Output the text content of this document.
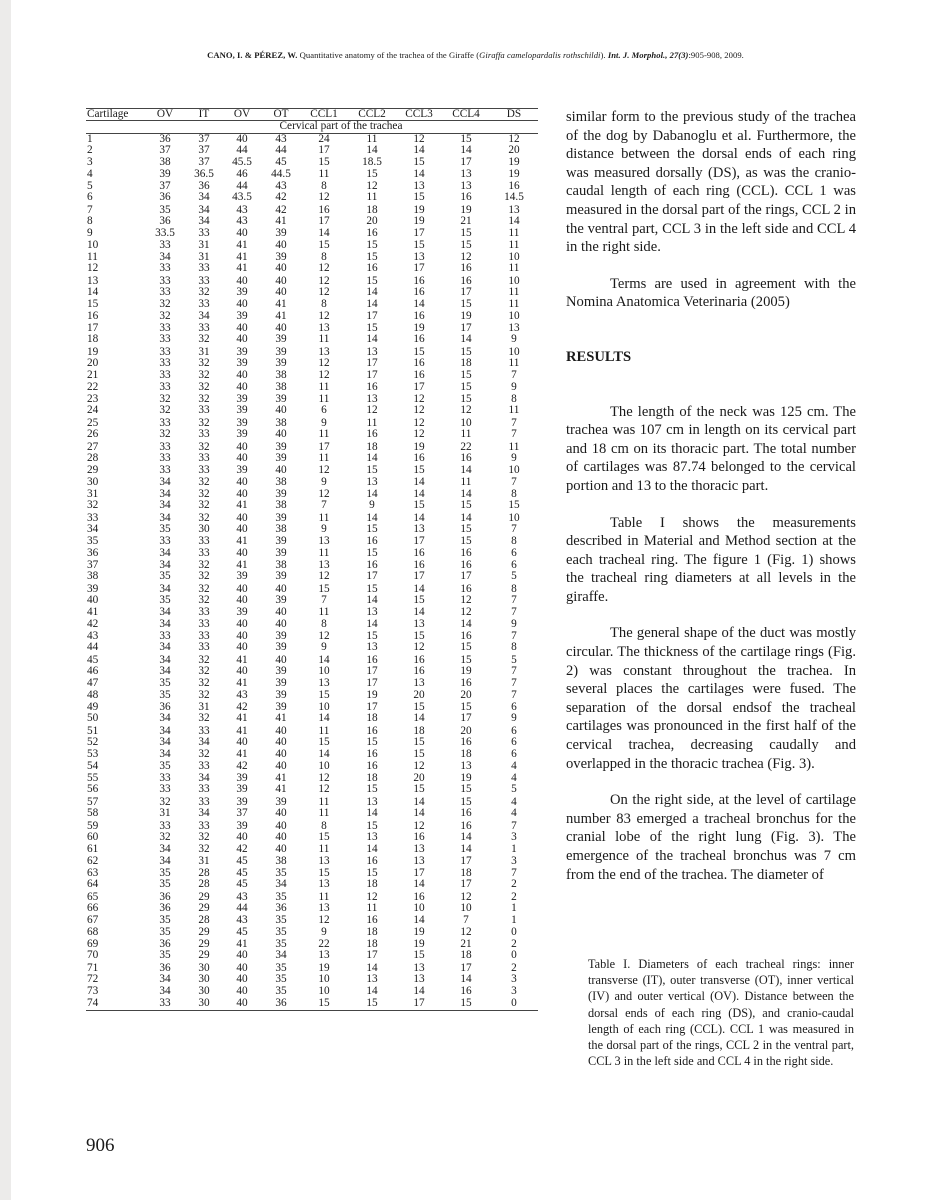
CANO, I. & PÉREZ, W. Quantitative anatomy of the trachea of the Giraffe (Giraffa camelopardalis rothschildi). Int. J. Morphol., 27(3):905-908, 2009.
Cartilage	OV	IT	OV	OT	CCL1	CCL2	CCL3	CCL4	DS
	Cervical part of the trachea								
1	36	37	40	43	24	11	12	15	12
2	37	37	44	44	17	14	14	14	20
3	38	37	45.5	45	15	18.5	15	17	19
4	39	36.5	46	44.5	11	15	14	13	19
5	37	36	44	43	8	12	13	13	16
6	36	34	43.5	42	12	11	15	16	14.5
7	35	34	43	42	16	18	19	19	13
8	36	34	43	41	17	20	19	21	14
9	33.5	33	40	39	14	16	17	15	11
10	33	31	41	40	15	15	15	15	11
11	34	31	41	39	8	15	13	12	10
12	33	33	41	40	12	16	17	16	11
13	33	33	40	40	12	15	16	16	10
14	33	32	39	40	12	14	16	17	11
15	32	33	40	41	8	14	14	15	11
16	32	34	39	41	12	17	16	19	10
17	33	33	40	40	13	15	19	17	13
18	33	32	40	39	11	14	16	14	9
19	33	31	39	39	13	13	15	15	10
20	33	32	39	39	12	17	16	18	11
21	33	32	40	38	12	17	16	15	7
22	33	32	40	38	11	16	17	15	9
23	32	32	39	39	11	13	12	15	8
24	32	33	39	40	6	12	12	12	11
25	33	32	39	38	9	11	12	10	7
26	32	33	39	40	11	16	12	11	7
27	33	32	40	39	17	18	19	22	11
28	33	33	40	39	11	14	16	16	9
29	33	33	39	40	12	15	15	14	10
30	34	32	40	38	9	13	14	11	7
31	34	32	40	39	12	14	14	14	8
32	34	32	41	38	7	9	15	15	15
33	34	32	40	39	11	14	14	14	10
34	35	30	40	38	9	15	13	15	7
35	33	33	41	39	13	16	17	15	8
36	34	33	40	39	11	15	16	16	6
37	34	32	41	38	13	16	16	16	6
38	35	32	39	39	12	17	17	17	5
39	34	32	40	40	15	15	14	16	8
40	35	32	40	39	7	14	15	12	7
41	34	33	39	40	11	13	14	12	7
42	34	33	40	40	8	14	13	14	9
43	33	33	40	39	12	15	15	16	7
44	34	33	40	39	9	13	12	15	8
45	34	32	41	40	14	16	16	15	5
46	34	32	40	39	10	17	16	19	7
47	35	32	41	39	13	17	13	16	7
48	35	32	43	39	15	19	20	20	7
49	36	31	42	39	10	17	15	15	6
50	34	32	41	41	14	18	14	17	9
51	34	33	41	40	11	16	18	20	6
52	34	34	40	40	15	15	15	16	6
53	34	32	41	40	14	16	15	18	6
54	35	33	42	40	10	16	12	13	4
55	33	34	39	41	12	18	20	19	4
56	33	33	39	41	12	15	15	15	5
57	32	33	39	39	11	13	14	15	4
58	31	34	37	40	11	14	14	16	4
59	33	33	39	40	8	15	12	16	7
60	32	32	40	40	15	13	16	14	3
61	34	32	42	40	11	14	13	14	1
62	34	31	45	38	13	16	13	17	3
63	35	28	45	35	15	15	17	18	7
64	35	28	45	34	13	18	14	17	2
65	36	29	43	35	11	12	16	12	2
66	36	29	44	36	13	11	10	10	1
67	35	28	43	35	12	16	14	7	1
68	35	29	45	35	9	18	19	12	0
69	36	29	41	35	22	18	19	21	2
70	35	29	40	34	13	17	15	18	0
71	36	30	40	35	19	14	13	17	2
72	34	30	40	35	10	13	13	14	3
73	34	30	40	35	10	14	14	16	3
74	33	30	40	36	15	15	17	15	0

similar form to the previous study of the trachea of the dog by Dabanoglu et al. Furthermore, the distance between the dorsal ends of each ring was measured dorsally (DS), as was the cranio-caudal length of each ring (CCL). CCL 1 was measured in the dorsal part of the rings, CCL 2 in the ventral part, CCL 3 in the left side and CCL 4 in the right side.

Terms are used in agreement with the Nomina Anatomica Veterinaria (2005)

RESULTS

The length of the neck was 125 cm. The trachea was 107 cm in length on its cervical part and 18 cm on its thoracic part. The total number of cartilages was 87.74 belonged to the cervical portion and 13 to the thoracic part.

Table I shows the measurements described in Material and Method section at the each tracheal ring. The figure 1 (Fig. 1) shows the tracheal ring diameters at all levels in the giraffe.

The general shape of the duct was mostly circular. The thickness of the cartilage rings (Fig. 2) was constant throughout the trachea. In several places the cartilages were fused. The separation of the dorsal endsof the tracheal cartilages was pronounced in the first half of the cervical trachea, decreasing caudally and overlapped in the thoracic trachea (Fig. 3).

On the right side, at the level of cartilage number 83 emerged a tracheal bronchus for the cranial lobe of the right lung (Fig. 3). The emergence of the tracheal bronchus was 7 cm from the end of the trachea. The diameter of

Table I. Diameters of each tracheal rings: inner transverse (IT), outer transverse (OT), inner vertical (IV) and outer vertical (OV). Distance between the dorsal ends of each ring (DS), and cranio-caudal length of each ring (CCL). CCL 1 was measured in the dorsal part of the rings, CCL 2 in the ventral part, CCL 3 in the left side and CCL 4 in the right side.

906
